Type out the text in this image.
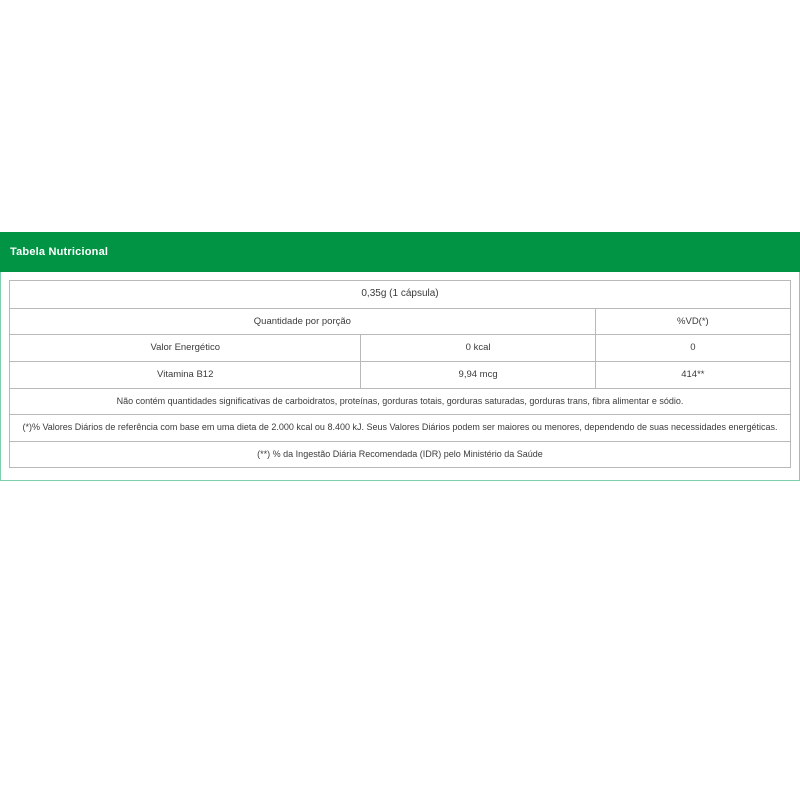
Tabela Nutricional
0,35g (1 cápsula)		
Quantidade por porção		%VD(*)
Valor Energético	0 kcal	0
Vitamina B12	9,94 mcg	414**
Não contém quantidades significativas de carboidratos, proteínas, gorduras totais, gorduras saturadas, gorduras trans, fibra alimentar e sódio.		
(*)% Valores Diários de referência com base em uma dieta de 2.000 kcal ou 8.400 kJ. Seus Valores Diários podem ser maiores ou menores, dependendo de suas necessidades energéticas.		
(**) % da Ingestão Diária Recomendada (IDR) pelo Ministério da Saúde		
